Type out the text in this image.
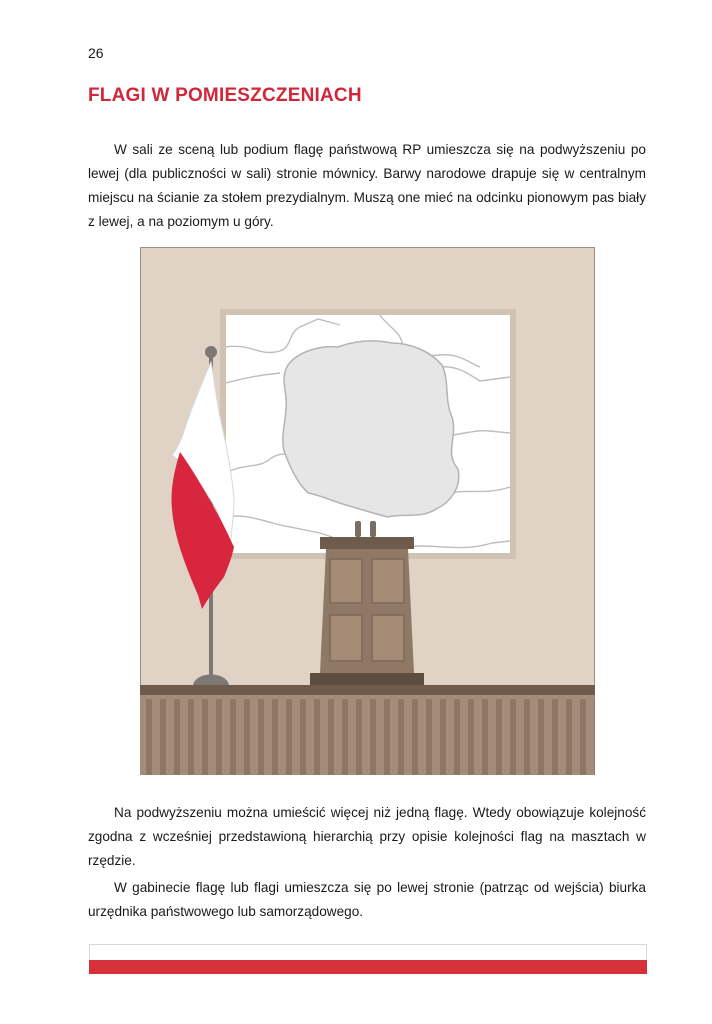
26
FLAGI W POMIESZCZENIACH

W sali ze sceną lub podium flagę państwową RP umieszcza się na podwyższeniu po lewej (dla publiczności w sali) stronie mównicy. Barwy narodowe drapuje się w centralnym miejscu na ścianie za stołem prezydialnym. Muszą one mieć na odcinku pionowym pas biały z lewej, a na poziomym u góry.

Na podwyższeniu można umieścić więcej niż jedną flagę. Wtedy obowiązuje kolejność zgodna z wcześniej przedstawioną hierarchią przy opisie kolejności flag na masztach w rzędzie.

W gabinecie flagę lub flagi umieszcza się po lewej stronie (patrząc od wejścia) biurka urzędnika państwowego lub samorządowego.
